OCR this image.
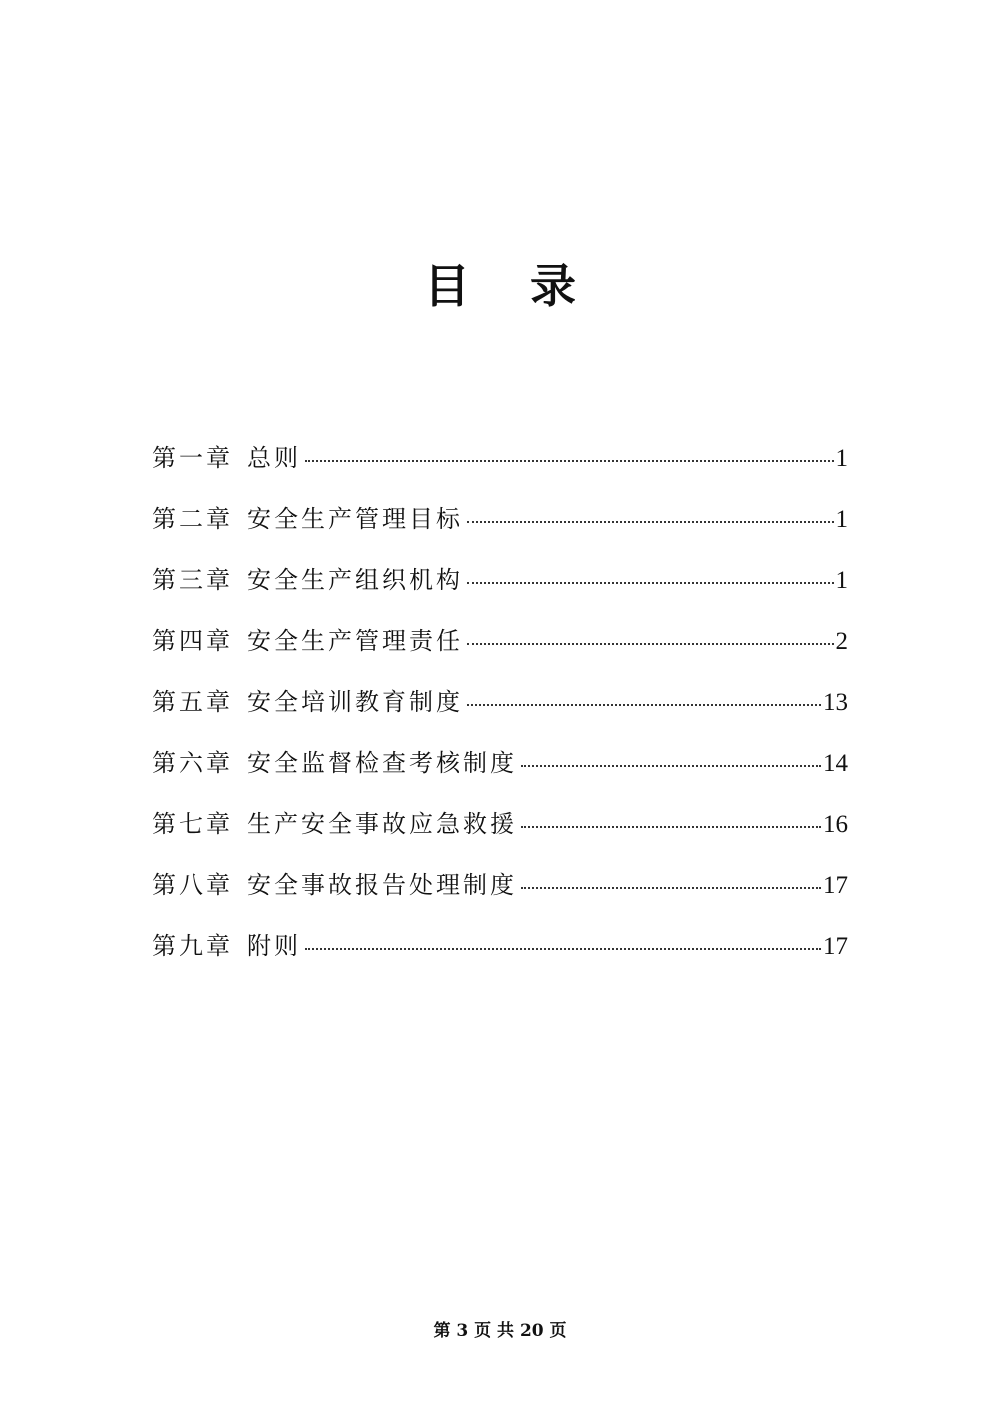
目 录
第一章 总则	1
第二章 安全生产管理目标	1
第三章 安全生产组织机构	1
第四章 安全生产管理责任	2
第五章 安全培训教育制度	13
第六章 安全监督检查考核制度	14
第七章 生产安全事故应急救援	16
第八章 安全事故报告处理制度	17
第九章 附则	17
第 3 页 共 20 页
